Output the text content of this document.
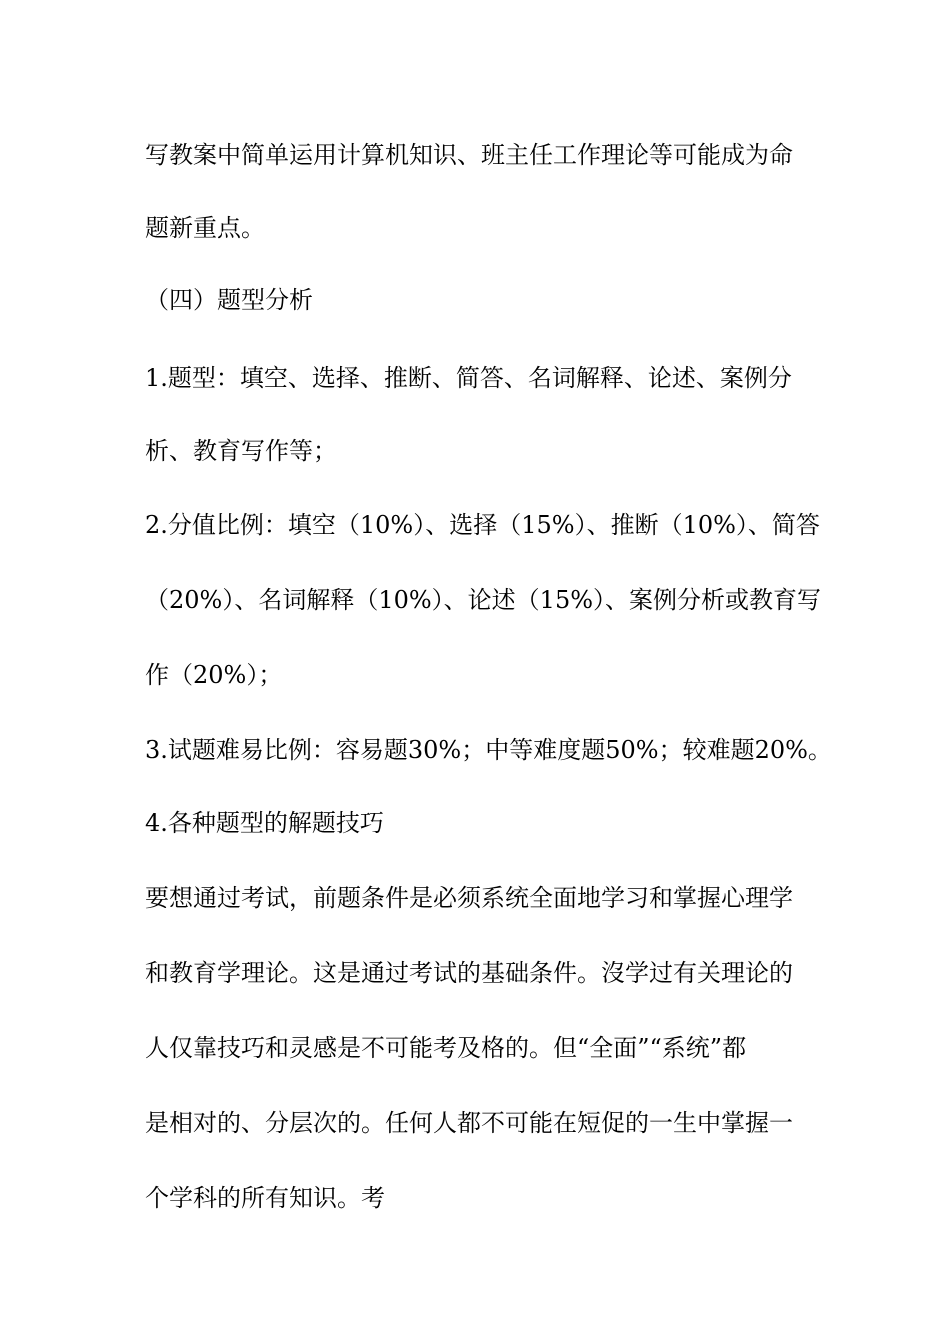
写教案中简单运用计算机知识、班主任工作理论等可能成为命

题新重点。

（四）题型分析

1.题型：填空、选择、推断、简答、名词解释、论述、案例分

析、教育写作等；

2.分值比例：填空（10%）、选择（15%）、推断（10%）、简答

（20%）、名词解释（10%）、论述（15%）、案例分析或教育写

作（20%）；

3.试题难易比例：容易题30%；中等难度题50%；较难题20%。

4.各种题型的解题技巧

要想通过考试，前题条件是必须系统全面地学习和掌握心理学

和教育学理论。这是通过考试的基础条件。沒学过有关理论的

人仅靠技巧和灵感是不可能考及格的。但“全面”“系统”都

是相对的、分层次的。任何人都不可能在短促的一生中掌握一

个学科的所有知识。考
